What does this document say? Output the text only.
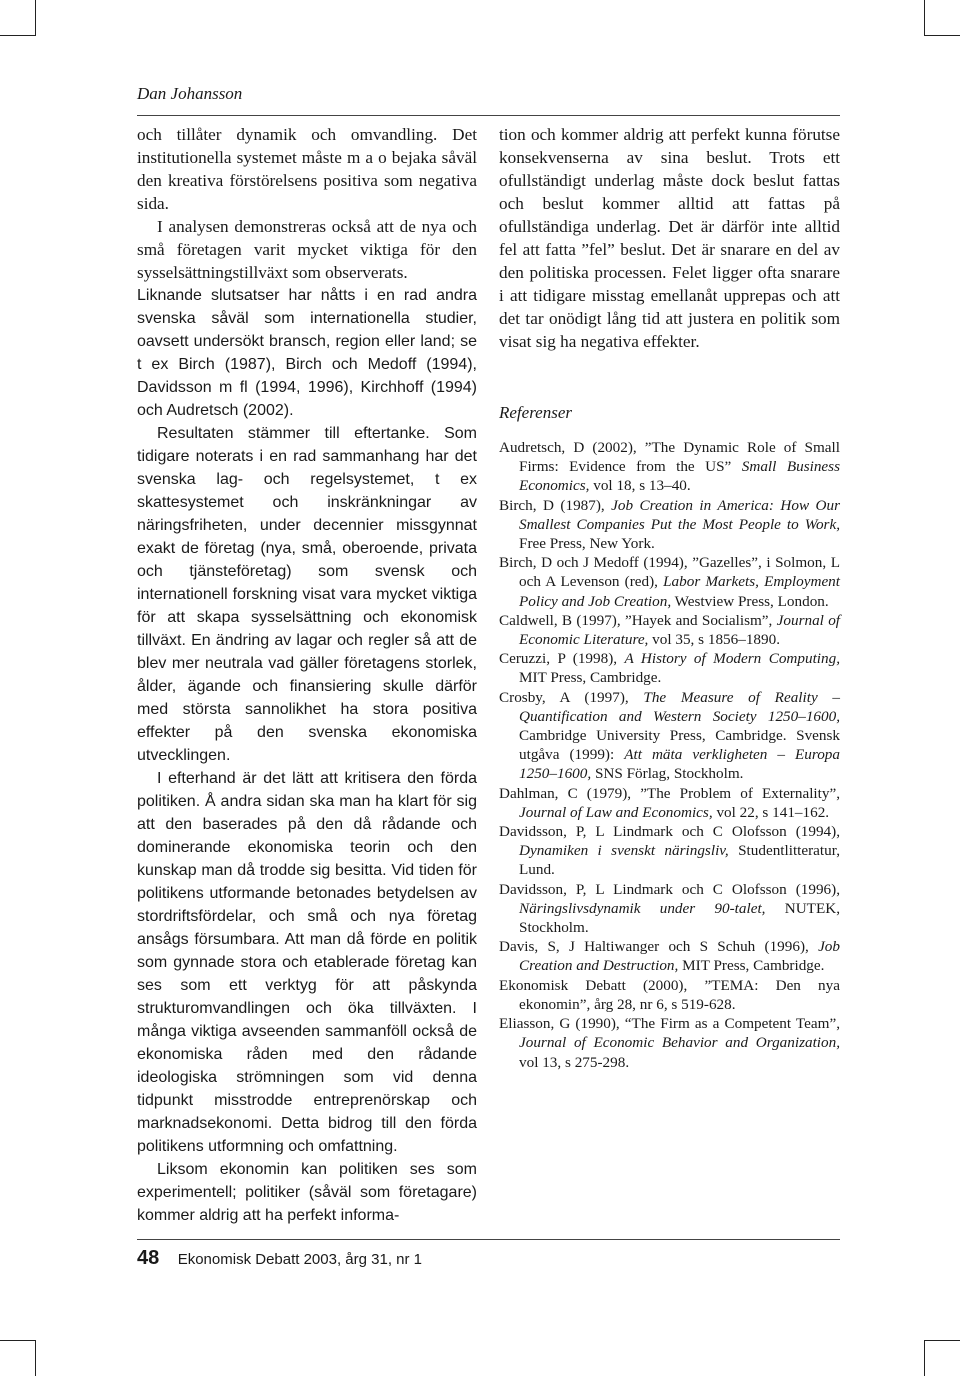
Dan Johansson

och tillåter dynamik och omvandling. Det institutionella systemet måste m a o bejaka såväl den kreativa förstörelsens positiva som negativa sida.

I analysen demonstreras också att de nya och små företagen varit mycket viktiga för den sysselsättningstillväxt som observerats.

Liknande slutsatser har nåtts i en rad andra svenska såväl som internationella studier, oavsett undersökt bransch, region eller land; se t ex Birch (1987), Birch och Medoff (1994), Davidsson m fl (1994, 1996), Kirchhoff (1994) och Audretsch (2002).

Resultaten stämmer till eftertanke. Som tidigare noterats i en rad sammanhang har det svenska lag- och regelsystemet, t ex skattesystemet och inskränkningar av näringsfriheten, under decennier missgynnat exakt de företag (nya, små, oberoende, privata och tjänsteföretag) som svensk och internationell forskning visat vara mycket viktiga för att skapa sysselsättning och ekonomisk tillväxt. En ändring av lagar och regler så att de blev mer neutrala vad gäller företagens storlek, ålder, ägande och finansiering skulle därför med största sannolikhet ha stora positiva effekter på den svenska ekonomiska utvecklingen.

I efterhand är det lätt att kritisera den förda politiken. Å andra sidan ska man ha klart för sig att den baserades på den då rådande och dominerande ekonomiska teorin och den kunskap man då trodde sig besitta. Vid tiden för politikens utformande betonades betydelsen av stordriftsfördelar, och små och nya företag ansågs försumbara. Att man då förde en politik som gynnade stora och etablerade företag kan ses som ett verktyg för att påskynda strukturomvandlingen och öka tillväxten. I många viktiga avseenden sammanföll också de ekonomiska råden med den rådande ideologiska strömningen som vid denna tidpunkt misstrodde entreprenörskap och marknadsekonomi. Detta bidrog till den förda politikens utformning och omfattning.

Liksom ekonomin kan politiken ses som experimentell; politiker (såväl som företagare) kommer aldrig att ha perfekt informa-

tion och kommer aldrig att perfekt kunna förutse konsekvenserna av sina beslut. Trots ett ofullständigt underlag måste dock beslut fattas och beslut kommer alltid att fattas på ofullständiga underlag. Det är därför inte alltid fel att fatta ”fel” beslut. Det är snarare en del av den politiska processen. Felet ligger ofta snarare i att tidigare misstag emellanåt upprepas och att det tar onödigt lång tid att justera en politik som visat sig ha negativa effekter.

Referenser

Audretsch, D (2002), ”The Dynamic Role of Small Firms: Evidence from the US” Small Business Economics, vol 18, s 13–40.

Birch, D (1987), Job Creation in America: How Our Smallest Companies Put the Most People to Work, Free Press, New York.

Birch, D och J Medoff (1994), ”Gazelles”, i Solmon, L och A Levenson (red), Labor Markets, Employment Policy and Job Creation, Westview Press, London.

Caldwell, B (1997), ”Hayek and Socialism”, Journal of Economic Literature, vol 35, s 1856–1890.

Ceruzzi, P (1998), A History of Modern Computing, MIT Press, Cambridge.

Crosby, A (1997), The Measure of Reality – Quantification and Western Society 1250–1600, Cambridge University Press, Cambridge. Svensk utgåva (1999): Att mäta verkligheten – Europa 1250–1600, SNS Förlag, Stockholm.

Dahlman, C (1979), ”The Problem of Externality”, Journal of Law and Economics, vol 22, s 141–162.

Davidsson, P, L Lindmark och C Olofsson (1994), Dynamiken i svenskt näringsliv, Studentlitteratur, Lund.

Davidsson, P, L Lindmark och C Olofsson (1996), Näringslivsdynamik under 90-talet, NUTEK, Stockholm.

Davis, S, J Haltiwanger och S Schuh (1996), Job Creation and Destruction, MIT Press, Cambridge.

Ekonomisk Debatt (2000), ”TEMA: Den nya ekonomin”, årg 28, nr 6, s 519-628.

Eliasson, G (1990), “The Firm as a Competent Team”, Journal of Economic Behavior and Organization, vol 13, s 275-298.

48 Ekonomisk Debatt 2003, årg 31, nr 1
